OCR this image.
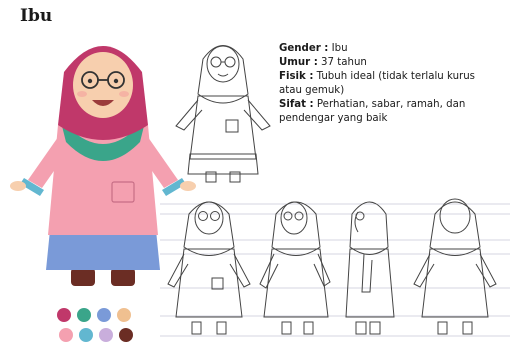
Ibu

Gender : Ibu

Umur : 37 tahun

Fisik : Tubuh ideal (tidak terlalu kurus atau gemuk)

Sifat : Perhatian, sabar, ramah, dan pendengar yang baik
